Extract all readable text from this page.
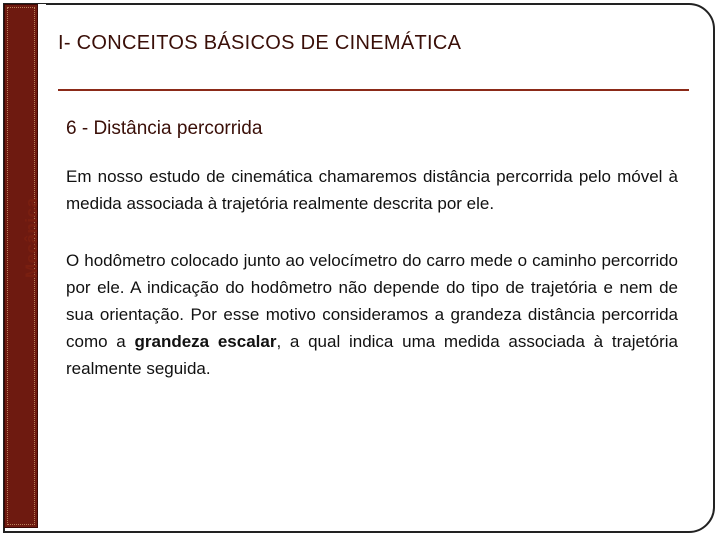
Mecânica
I- CONCEITOS BÁSICOS DE CINEMÁTICA
6 - Distância percorrida

Em nosso estudo de cinemática chamaremos distância percorrida pelo móvel à medida associada à trajetória realmente descrita por ele.

O hodômetro colocado junto ao velocímetro do carro mede o caminho percorrido por ele. A indicação do hodômetro não depende do tipo de trajetória e nem de sua orientação. Por esse motivo consideramos a grandeza distância percorrida como a grandeza escalar, a qual indica uma medida associada à trajetória realmente seguida.
